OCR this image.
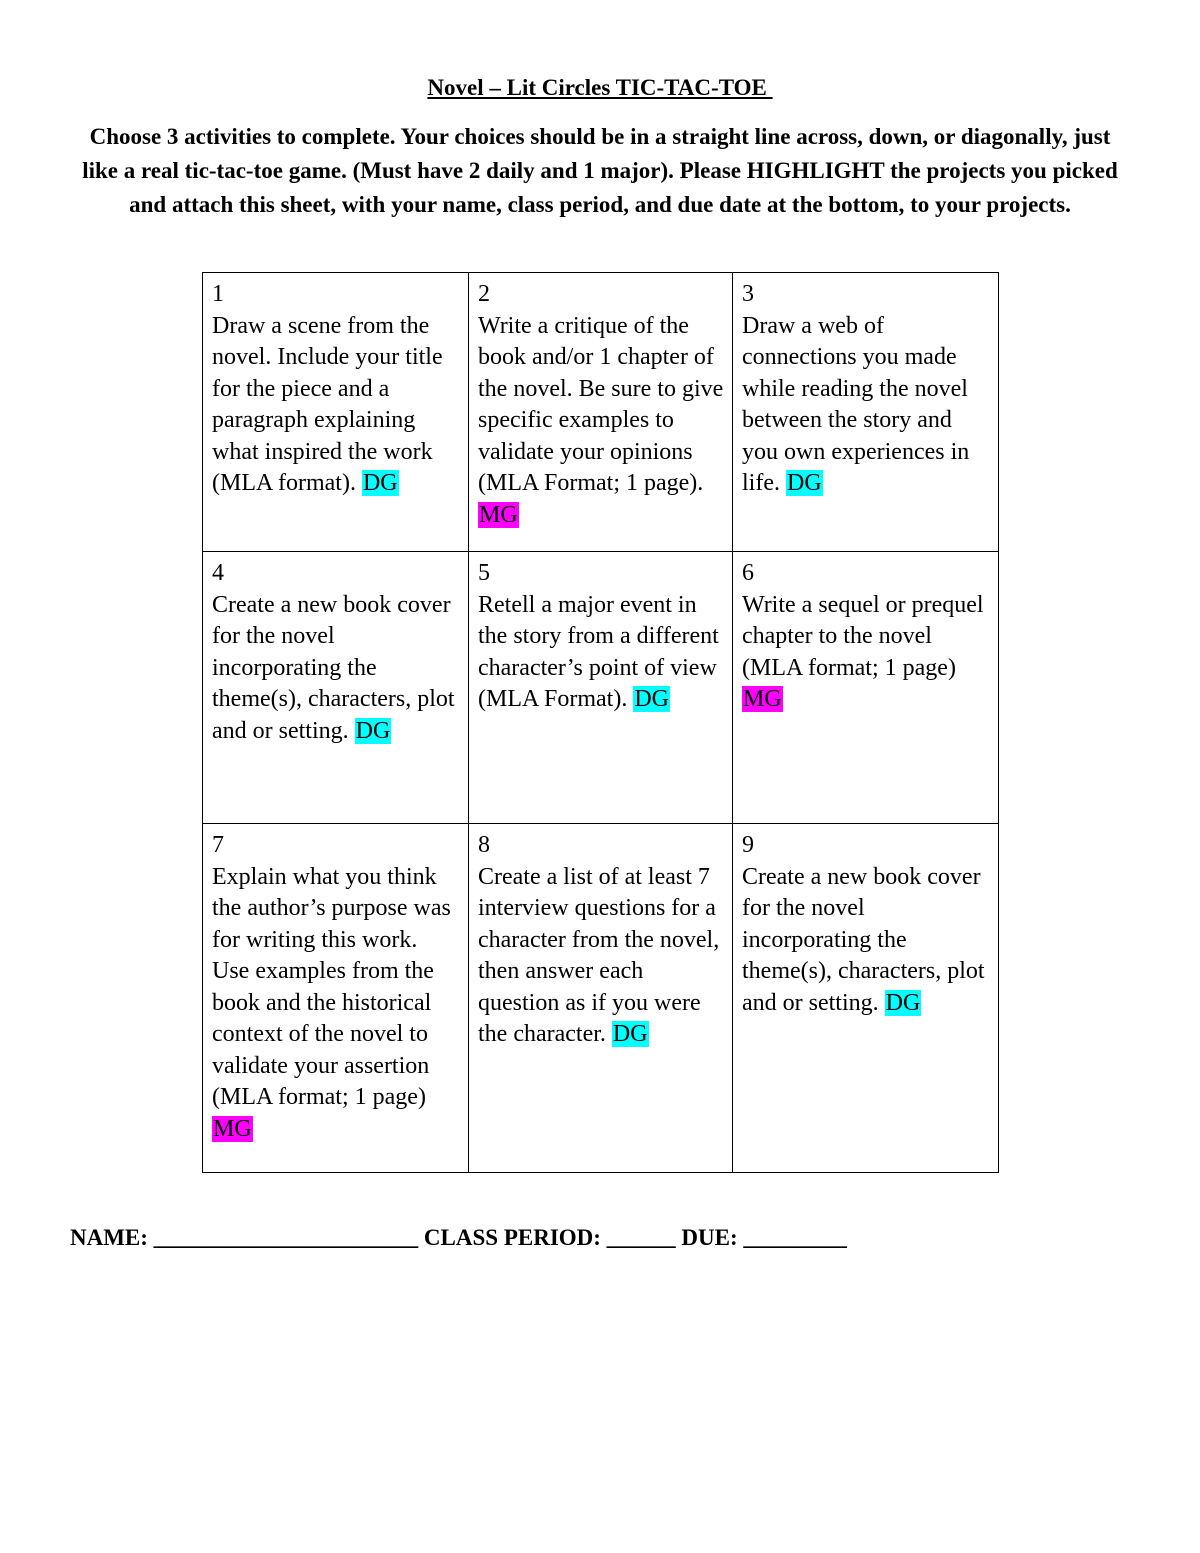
Novel – Lit Circles TIC-TAC-TOE
Choose 3 activities to complete. Your choices should be in a straight line across, down, or diagonally, just like a real tic-tac-toe game. (Must have 2 daily and 1 major). Please HIGHLIGHT the projects you picked and attach this sheet, with your name, class period, and due date at the bottom, to your projects.
1
Draw a scene from the novel. Include your title for the piece and a paragraph explaining what inspired the work (MLA format). DG	2
Write a critique of the book and/or 1 chapter of the novel. Be sure to give specific examples to validate your opinions (MLA Format; 1 page). MG	3
Draw a web of connections you made while reading the novel between the story and you own experiences in life. DG

4
Create a new book cover for the novel incorporating the theme(s), characters, plot and or setting. DG	5
Retell a major event in the story from a different character’s point of view (MLA Format). DG	6
Write a sequel or prequel chapter to the novel (MLA format; 1 page) MG

7
Explain what you think the author’s purpose was for writing this work. Use examples from the book and the historical context of the novel to validate your assertion (MLA format; 1 page) MG	8
Create a list of at least 7 interview questions for a character from the novel, then answer each question as if you were the character. DG	9
Create a new book cover for the novel incorporating the theme(s), characters, plot and or setting. DG
NAME: _______________________ CLASS PERIOD: ______ DUE: _________
